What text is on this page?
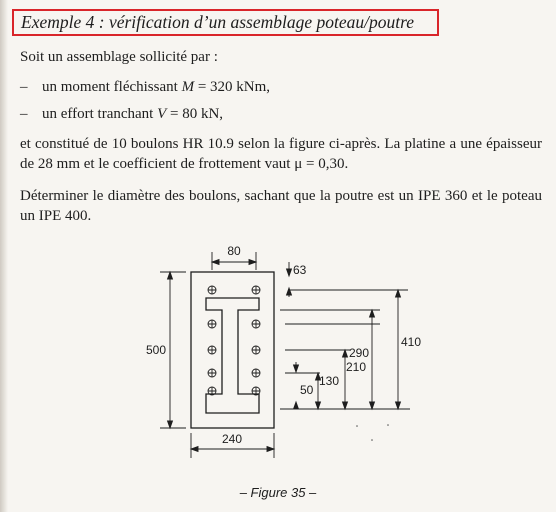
Exemple 4 : vérification d’un assemblage poteau/poutre
Soit un assemblage sollicité par :
– un moment fléchissant M = 320 kNm,
– un effort tranchant V = 80 kN,
et constitué de 10 boulons HR 10.9 selon la figure ci-après. La platine a une épaisseur de 28 mm et le coefficient de frottement vaut μ = 0,30.
Déterminer le diamètre des boulons, sachant que la poutre est un IPE 360 et le poteau un IPE 400.
80
63
500
240
410
290
210
130
50
– Figure 35 –
